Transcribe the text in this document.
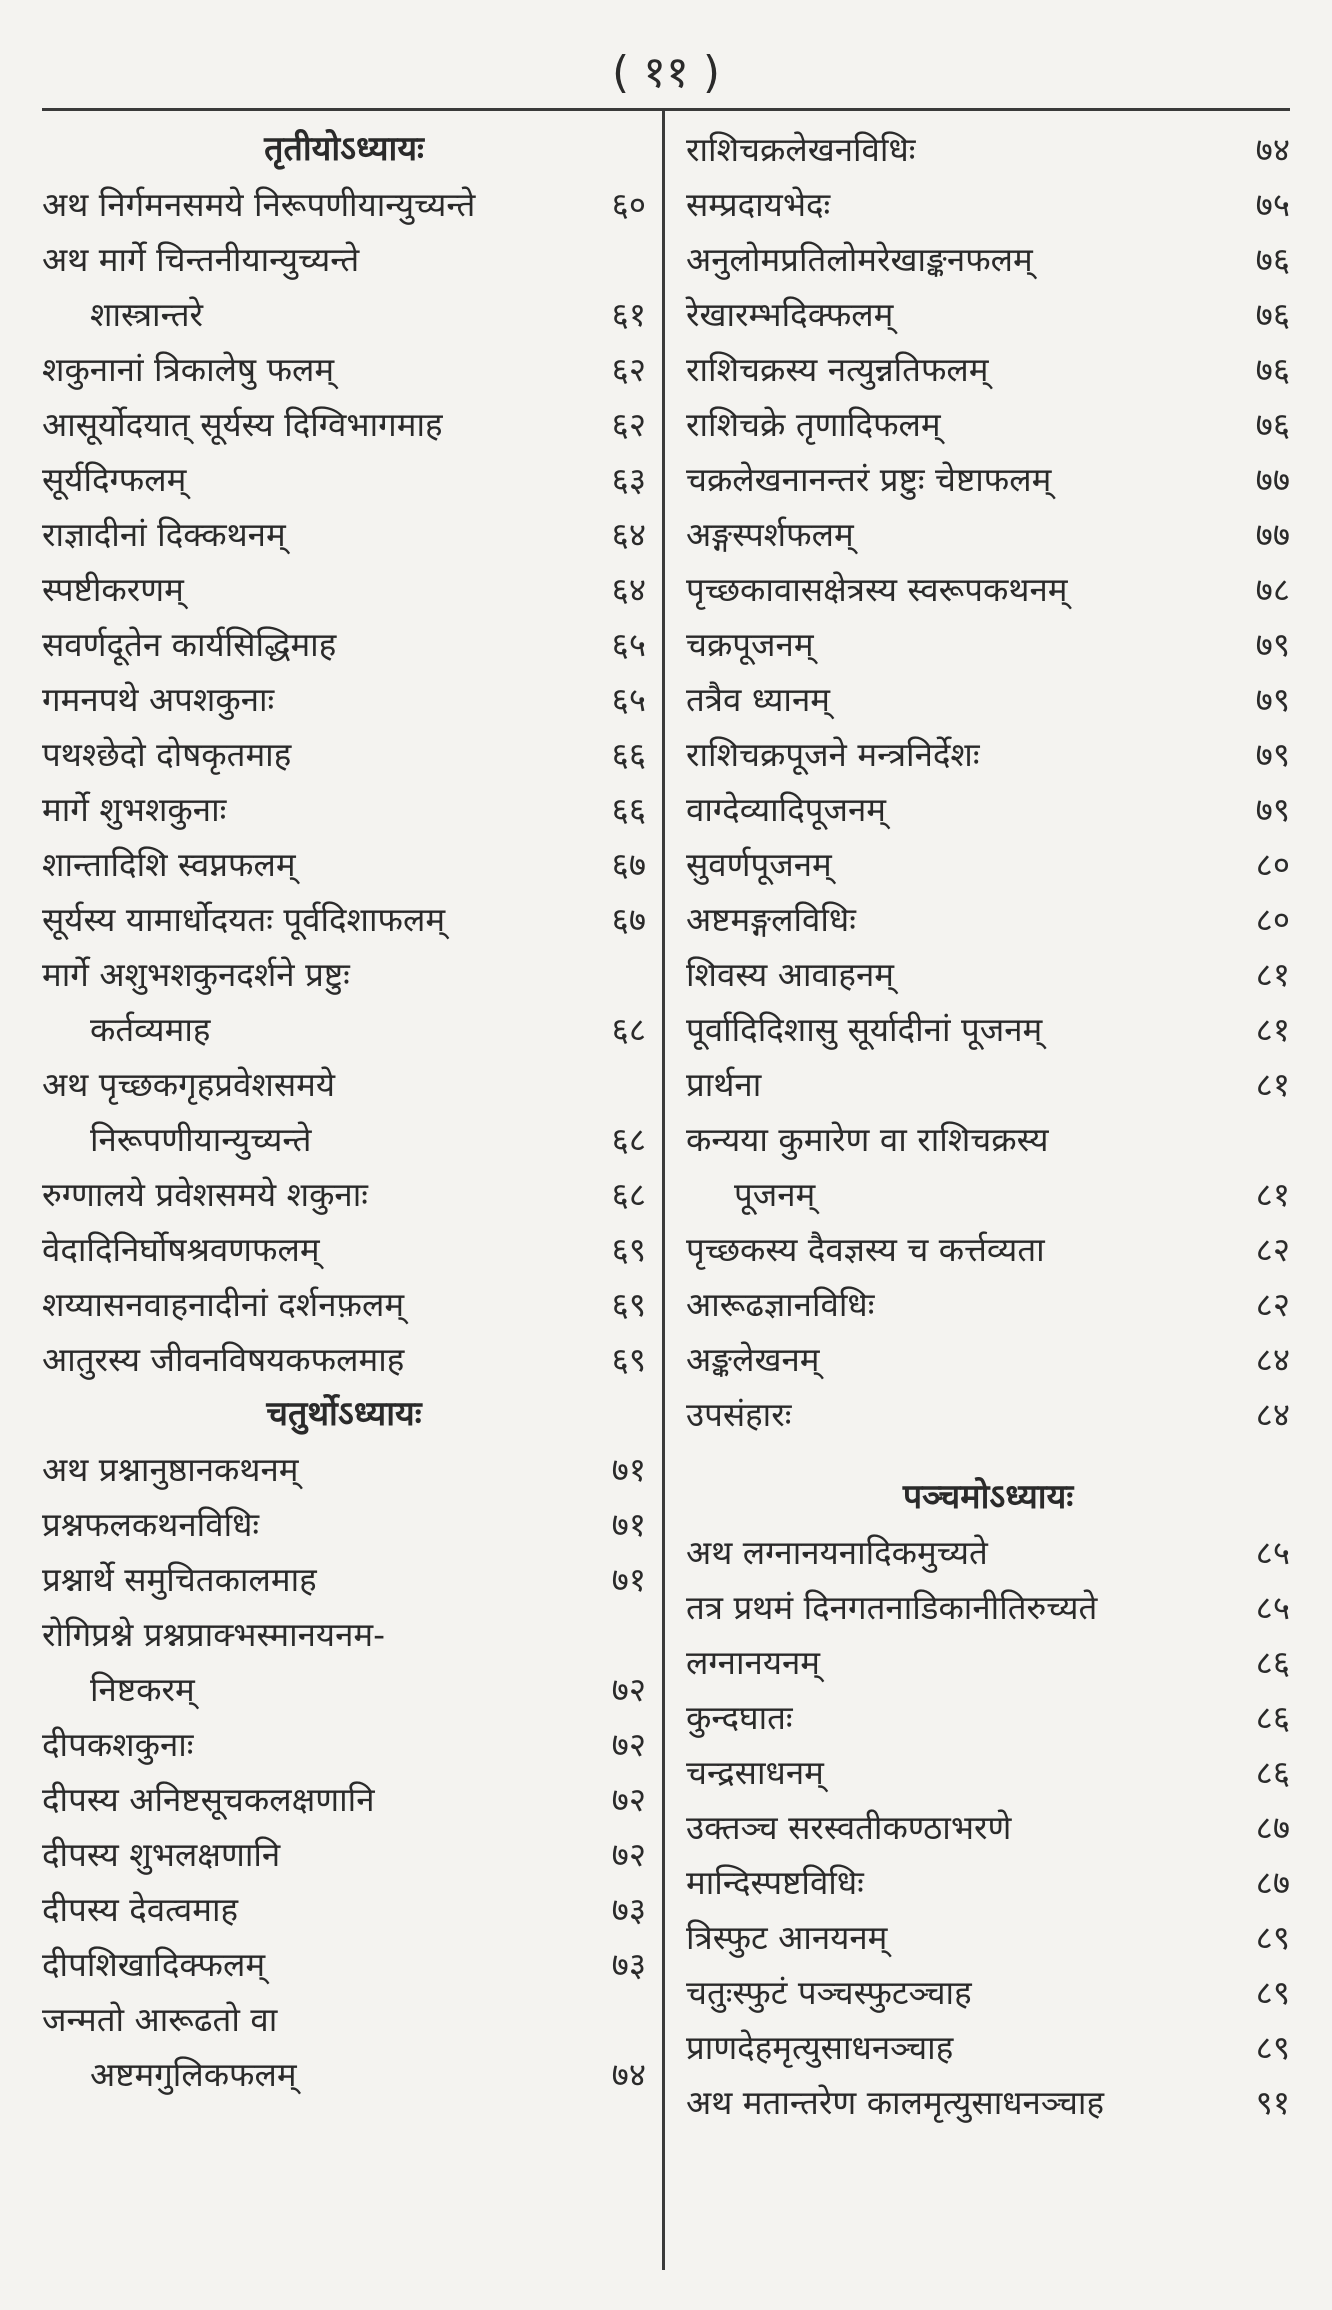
( ११ )
तृतीयोऽध्यायः
अथ निर्गमनसमये निरूपणीयान्युच्यन्ते	६०
अथ मार्गे चिन्तनीयान्युच्यन्ते
शास्त्रान्तरे	६१
शकुनानां त्रिकालेषु फलम्	६२
आसूर्योदयात् सूर्यस्य दिग्विभागमाह	६२
सूर्यदिग्फलम्	६३
राज्ञादीनां दिक्कथनम्	६४
स्पष्टीकरणम्	६४
सवर्णदूतेन कार्यसिद्धिमाह	६५
गमनपथे अपशकुनाः	६५
पथश्छेदो दोषकृतमाह	६६
मार्गे शुभशकुनाः	६६
शान्तादिशि स्वप्नफलम्	६७
सूर्यस्य यामार्धोदयतः पूर्वदिशाफलम्	६७
मार्गे अशुभशकुनदर्शने प्रष्टुः
कर्तव्यमाह	६८
अथ पृच्छकगृहप्रवेशसमये
निरूपणीयान्युच्यन्ते	६८
रुग्णालये प्रवेशसमये शकुनाः	६८
वेदादिनिर्घोषश्रवणफलम्	६९
शय्यासनवाहनादीनां दर्शनफ़लम्	६९
आतुरस्य जीवनविषयकफलमाह	६९
चतुर्थोऽध्यायः
अथ प्रश्नानुष्ठानकथनम्	७१
प्रश्नफलकथनविधिः	७१
प्रश्नार्थे समुचितकालमाह	७१
रोगिप्रश्ने प्रश्नप्राक्भस्मानयनम-
निष्टकरम्	७२
दीपकशकुनाः	७२
दीपस्य अनिष्टसूचकलक्षणानि	७२
दीपस्य शुभलक्षणानि	७२
दीपस्य देवत्वमाह	७३
दीपशिखादिक्फलम्	७३
जन्मतो आरूढतो वा
अष्टमगुलिकफलम्	७४
राशिचक्रलेखनविधिः	७४
सम्प्रदायभेदः	७५
अनुलोमप्रतिलोमरेखाङ्कनफलम्	७६
रेखारम्भदिक्फलम्	७६
राशिचक्रस्य नत्युन्नतिफलम्	७६
राशिचक्रे तृणादिफलम्	७६
चक्रलेखनानन्तरं प्रष्टुः चेष्टाफलम्	७७
अङ्गस्पर्शफलम्	७७
पृच्छकावासक्षेत्रस्य स्वरूपकथनम्	७८
चक्रपूजनम्	७९
तत्रैव ध्यानम्	७९
राशिचक्रपूजने मन्त्रनिर्देशः	७९
वाग्देव्यादिपूजनम्	७९
सुवर्णपूजनम्	८०
अष्टमङ्गलविधिः	८०
शिवस्य आवाहनम्	८१
पूर्वादिदिशासु सूर्यादीनां पूजनम्	८१
प्रार्थना	८१
कन्यया कुमारेण वा राशिचक्रस्य
पूजनम्	८१
पृच्छकस्य दैवज्ञस्य च कर्त्तव्यता	८२
आरूढज्ञानविधिः	८२
अङ्कलेखनम्	८४
उपसंहारः	८४
पञ्चमोऽध्यायः
अथ लग्नानयनादिकमुच्यते	८५
तत्र प्रथमं दिनगतनाडिकानीतिरुच्यते	८५
लग्नानयनम्	८६
कुन्दघातः	८६
चन्द्रसाधनम्	८६
उक्तञ्च सरस्वतीकण्ठाभरणे	८७
मान्दिस्पष्टविधिः	८७
त्रिस्फुट आनयनम्	८९
चतुःस्फुटं पञ्चस्फुटञ्चाह	८९
प्राणदेहमृत्युसाधनञ्चाह	८९
अथ मतान्तरेण कालमृत्युसाधनञ्चाह	९१
